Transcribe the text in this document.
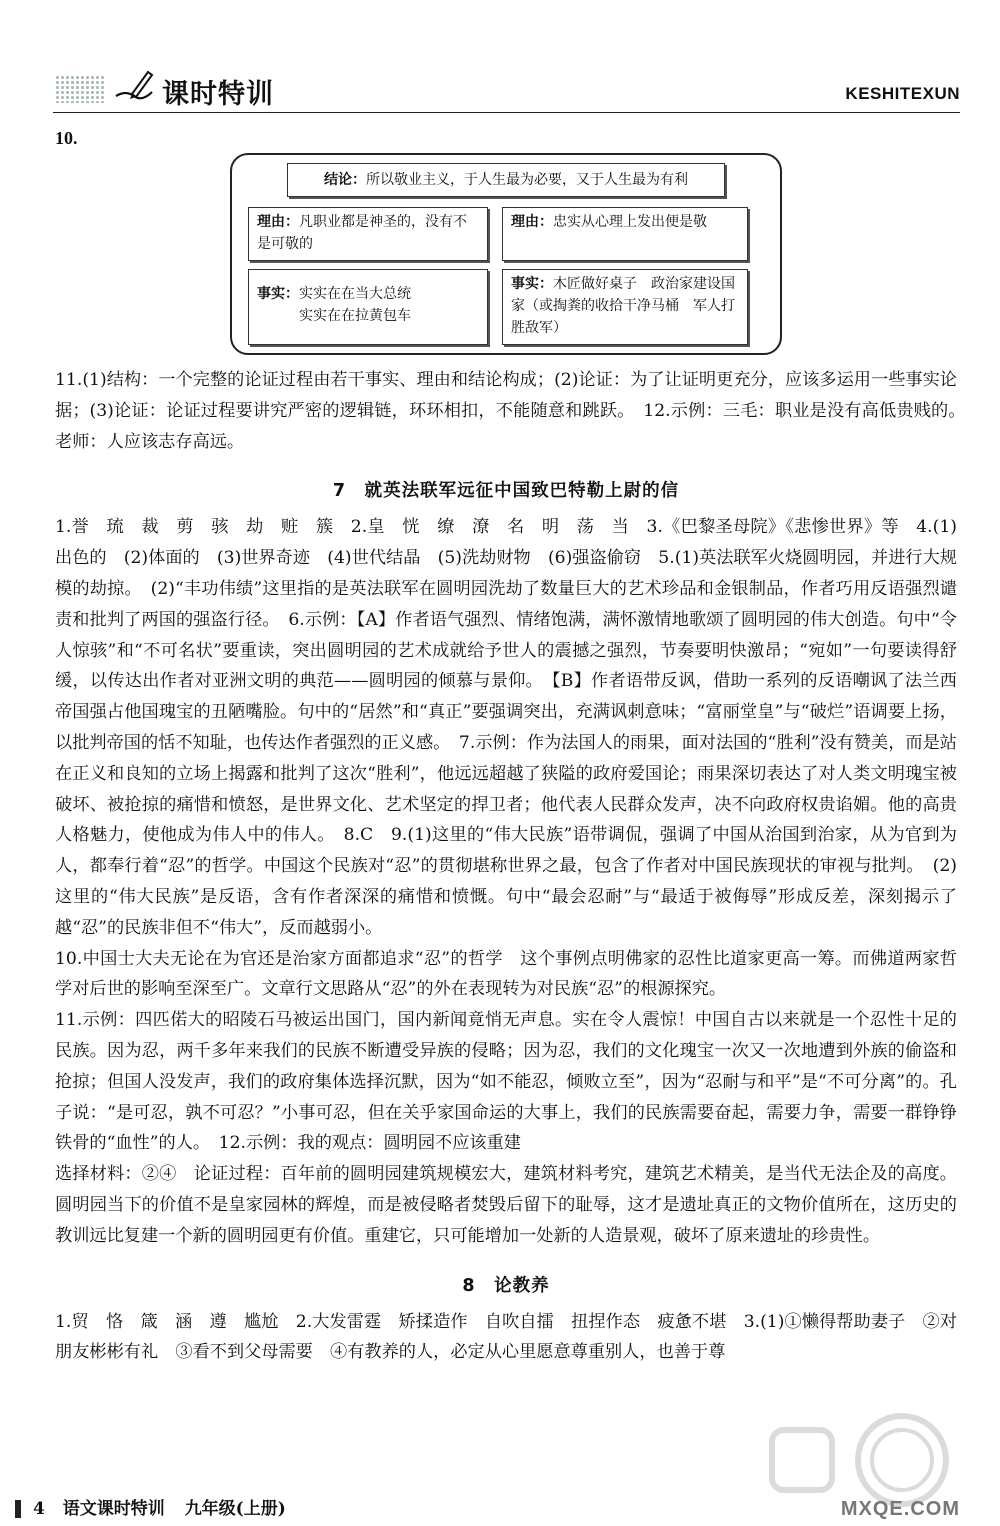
课时特训	KESHITEXUN
10.
结论：所以敬业主义，于人生最为必要，又于人生最为有利
理由：凡职业都是神圣的，没有不是可敬的
理由：忠实从心理上发出便是敬
事实：实实在在当大总统
实实在在拉黄包车
事实：木匠做好桌子　政治家建设国家（或掏粪的收拾干净马桶　军人打胜敌军）

11.(1)结构：一个完整的论证过程由若干事实、理由和结论构成；(2)论证：为了让证明更充分，应该多运用一些事实论据；(3)论证：论证过程要讲究严密的逻辑链，环环相扣，不能随意和跳跃。　12.示例：三毛：职业是没有高低贵贱的。　老师：人应该志存高远。

7　就英法联军远征中国致巴特勒上尉的信

1.誉　琉　裁　剪　骇　劫　赃　簇　2.皇　恍　缭　潦　名　明　荡　当　3.《巴黎圣母院》《悲惨世界》等　4.(1)出色的　(2)体面的　(3)世界奇迹　(4)世代结晶　(5)洗劫财物　(6)强盗偷窃　5.(1)英法联军火烧圆明园，并进行大规模的劫掠。　(2)“丰功伟绩”这里指的是英法联军在圆明园洗劫了数量巨大的艺术珍品和金银制品，作者巧用反语强烈谴责和批判了两国的强盗行径。　6.示例：【A】作者语气强烈、情绪饱满，满怀激情地歌颂了圆明园的伟大创造。句中“令人惊骇”和“不可名状”要重读，突出圆明园的艺术成就给予世人的震撼之强烈，节奏要明快激昂；“宛如”一句要读得舒缓，以传达出作者对亚洲文明的典范——圆明园的倾慕与景仰。　【B】作者语带反讽，借助一系列的反语嘲讽了法兰西帝国强占他国瑰宝的丑陋嘴脸。句中的“居然”和“真正”要强调突出，充满讽刺意味；“富丽堂皇”与“破烂”语调要上扬，以批判帝国的恬不知耻，也传达作者强烈的正义感。　7.示例：作为法国人的雨果，面对法国的“胜利”没有赞美，而是站在正义和良知的立场上揭露和批判了这次“胜利”，他远远超越了狭隘的政府爱国论；雨果深切表达了对人类文明瑰宝被破坏、被抢掠的痛惜和愤怒，是世界文化、艺术坚定的捍卫者；他代表人民群众发声，决不向政府权贵谄媚。他的高贵人格魅力，使他成为伟人中的伟人。　8.C　9.(1)这里的“伟大民族”语带调侃，强调了中国从治国到治家，从为官到为人，都奉行着“忍”的哲学。中国这个民族对“忍”的贯彻堪称世界之最，包含了作者对中国民族现状的审视与批判。　(2)这里的“伟大民族”是反语，含有作者深深的痛惜和愤慨。句中“最会忍耐”与“最适于被侮辱”形成反差，深刻揭示了越“忍”的民族非但不“伟大”，反而越弱小。

10.中国士大夫无论在为官还是治家方面都追求“忍”的哲学　这个事例点明佛家的忍性比道家更高一筹。而佛道两家哲学对后世的影响至深至广。文章行文思路从“忍”的外在表现转为对民族“忍”的根源探究。

11.示例：四匹偌大的昭陵石马被运出国门，国内新闻竟悄无声息。实在令人震惊！中国自古以来就是一个忍性十足的民族。因为忍，两千多年来我们的民族不断遭受异族的侵略；因为忍，我们的文化瑰宝一次又一次地遭到外族的偷盗和抢掠；但国人没发声，我们的政府集体选择沉默，因为“如不能忍，倾败立至”，因为“忍耐与和平”是“不可分离”的。孔子说：“是可忍，孰不可忍？”小事可忍，但在关乎家国命运的大事上，我们的民族需要奋起，需要力争，需要一群铮铮铁骨的“血性”的人。　12.示例：我的观点：圆明园不应该重建

选择材料：②④　论证过程：百年前的圆明园建筑规模宏大，建筑材料考究，建筑艺术精美，是当代无法企及的高度。圆明园当下的价值不是皇家园林的辉煌，而是被侵略者焚毁后留下的耻辱，这才是遗址真正的文物价值所在，这历史的教训远比复建一个新的圆明园更有价值。重建它，只可能增加一处新的人造景观，破坏了原来遗址的珍贵性。

8　论教养

1.贸　恪　箴　涵　遵　尴尬　2.大发雷霆　矫揉造作　自吹自擂　扭捏作态　疲惫不堪　3.(1)①懒得帮助妻子　②对朋友彬彬有礼　③看不到父母需要　④有教养的人，必定从心里愿意尊重别人，也善于尊

MXQE.COM
4 语文课时特训 九年级(上册)
